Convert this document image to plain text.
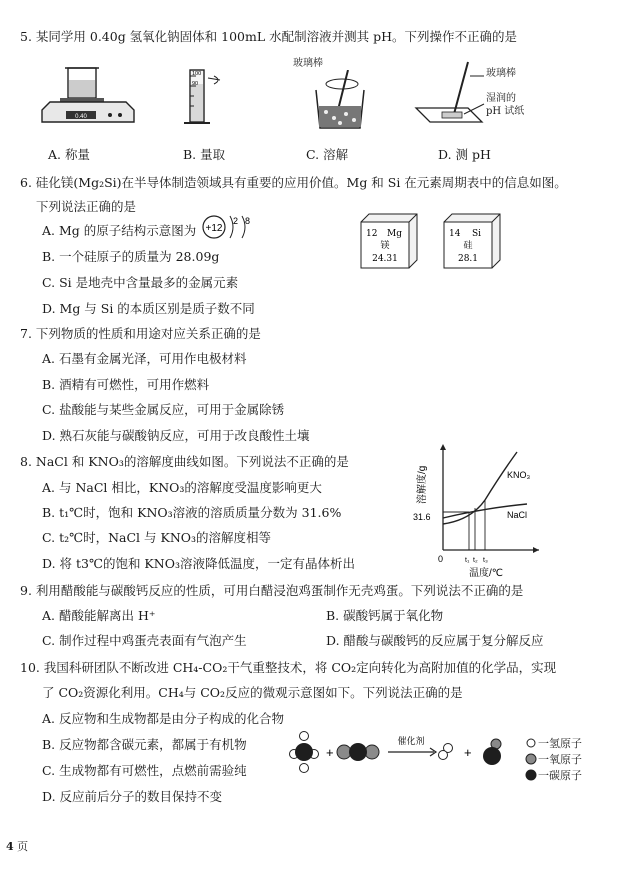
5. 某同学用 0.40g 氢氧化钠固体和 100mL 水配制溶液并测其 pH。下列操作不正确的是
0.40
A. 称量
100
90
B. 量取
玻璃棒
C. 溶解
玻璃棒
湿润的
pH 试纸
D. 测 pH
6. 硅化镁(Mg₂Si)在半导体制造领域具有重要的应用价值。Mg 和 Si 在元素周期表中的信息如图。
下列说法正确的是
A. Mg 的原子结构示意图为 +12
2 8
B. 一个硅原子的质量为 28.09g
C. Si 是地壳中含量最多的金属元素
D. Mg 与 Si 的本质区别是质子数不同
12 Mg
镁
24.31
14 Si
硅
28.1
7. 下列物质的性质和用途对应关系正确的是
A. 石墨有金属光泽，可用作电极材料
B. 酒精有可燃性，可用作燃料
C. 盐酸能与某些金属反应，可用于金属除锈
D. 熟石灰能与碳酸钠反应，可用于改良酸性土壤
8. NaCl 和 KNO₃的溶解度曲线如图。下列说法不正确的是
A. 与 NaCl 相比，KNO₃的溶解度受温度影响更大
B. t₁℃时，饱和 KNO₃溶液的溶质质量分数为 31.6%
C. t₂℃时，NaCl 与 KNO₃的溶解度相等
D. 将 t3℃的饱和 KNO₃溶液降低温度，一定有晶体析出
31.6
0	t₁ t₂ t₃
KNO₃
NaCl
温度/℃
溶解度/g
9. 利用醋酸能与碳酸钙反应的性质，可用白醋浸泡鸡蛋制作无壳鸡蛋。下列说法不正确的是
A. 醋酸能解离出 H⁺	B. 碳酸钙属于氧化物
C. 制作过程中鸡蛋壳表面有气泡产生	D. 醋酸与碳酸钙的反应属于复分解反应
10. 我国科研团队不断改进 CH₄-CO₂干气重整技术，将 CO₂定向转化为高附加值的化学品，实现
了 CO₂资源化利用。CH₄与 CO₂反应的微观示意图如下。下列说法正确的是
A. 反应物和生成物都是由分子构成的化合物
B. 反应物都含碳元素，都属于有机物
C. 生成物都有可燃性，点燃前需验纯
D. 反应前后分子的数目保持不变
+
催化剂
+
一氢原子
一氧原子
一碳原子
4 页
